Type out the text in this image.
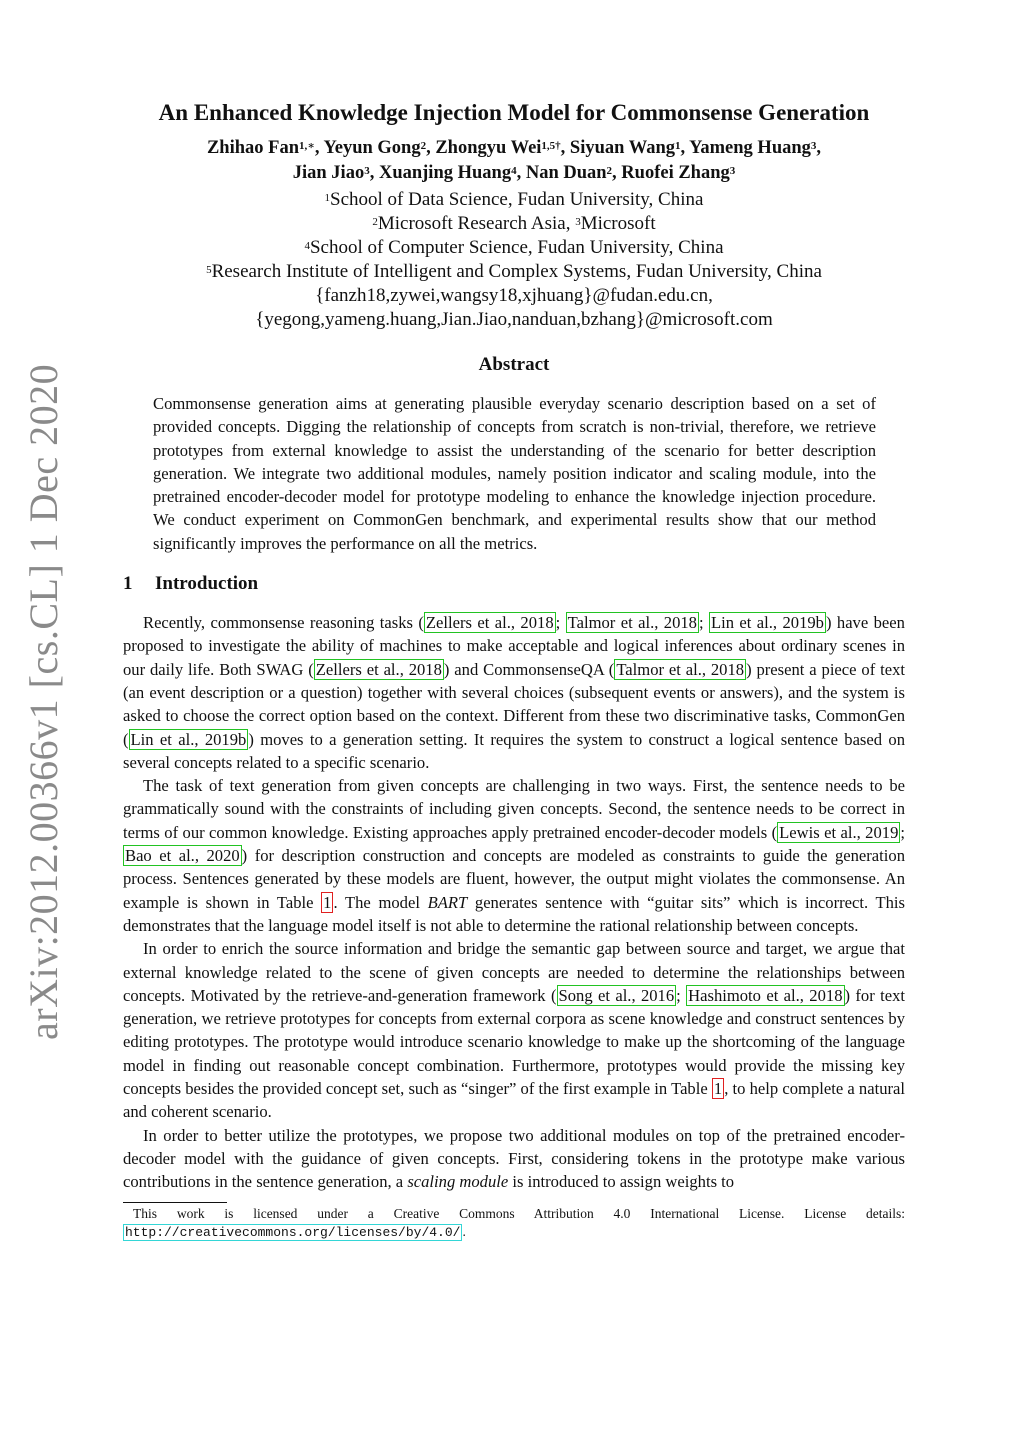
arXiv:2012.00366v1 [cs.CL] 1 Dec 2020
An Enhanced Knowledge Injection Model for Commonsense Generation
Zhihao Fan$^{1,∗}$, Yeyun Gong$^2$, Zhongyu Wei$^{1,5\dagger}$, Siyuan Wang$^1$, Yameng Huang$^3$,
Jian Jiao$^3$, Xuanjing Huang$^4$, Nan Duan$^2$, Ruofei Zhang$^3$
$^1$School of Data Science, Fudan University, China
$^2$Microsoft Research Asia, $^3$Microsoft
$^4$School of Computer Science, Fudan University, China
$^5$Research Institute of Intelligent and Complex Systems, Fudan University, China
{fanzh18,zywei,wangsy18,xjhuang}@fudan.edu.cn,
{yegong,yameng.huang,Jian.Jiao,nanduan,bzhang}@microsoft.com
Abstract
Commonsense generation aims at generating plausible everyday scenario description based on a set of provided concepts. Digging the relationship of concepts from scratch is non-trivial, therefore, we retrieve prototypes from external knowledge to assist the understanding of the scenario for better description generation. We integrate two additional modules, namely position indicator and scaling module, into the pretrained encoder-decoder model for prototype modeling to enhance the knowledge injection procedure. We conduct experiment on CommonGen benchmark, and experimental results show that our method significantly improves the performance on all the metrics.
1 Introduction

Recently, commonsense reasoning tasks ( Zellers et al., 2018 ; Talmor et al., 2018 ; Lin et al., 2019b ) have been proposed to investigate the ability of machines to make acceptable and logical inferences about ordinary scenes in our daily life. Both SWAG ( Zellers et al., 2018 ) and CommonsenseQA ( Talmor et al., 2018 ) present a piece of text (an event description or a question) together with several choices (subsequent events or answers), and the system is asked to choose the correct option based on the context. Different from these two discriminative tasks, CommonGen ( Lin et al., 2019b ) moves to a generation setting. It requires the system to construct a logical sentence based on several concepts related to a specific scenario.

The task of text generation from given concepts are challenging in two ways. First, the sentence needs to be grammatically sound with the constraints of including given concepts. Second, the sentence needs to be correct in terms of our common knowledge. Existing approaches apply pretrained encoder-decoder models ( Lewis et al., 2019 ; Bao et al., 2020 ) for description construction and concepts are modeled as constraints to guide the generation process. Sentences generated by these models are fluent, however, the output might violates the commonsense. An example is shown in Table 1 . The model BART generates sentence with “guitar sits” which is incorrect. This demonstrates that the language model itself is not able to determine the rational relationship between concepts.

In order to enrich the source information and bridge the semantic gap between source and target, we argue that external knowledge related to the scene of given concepts are needed to determine the relationships between concepts. Motivated by the retrieve-and-generation framework ( Song et al., 2016 ; Hashimoto et al., 2018 ) for text generation, we retrieve prototypes for concepts from external corpora as scene knowledge and construct sentences by editing prototypes. The prototype would introduce scenario knowledge to make up the shortcoming of the language model in finding out reasonable concept combination. Furthermore, prototypes would provide the missing key concepts besides the provided concept set, such as “singer” of the first example in Table 1 , to help complete a natural and coherent scenario.

In order to better utilize the prototypes, we propose two additional modules on top of the pretrained encoder-decoder model with the guidance of given concepts. First, considering tokens in the prototype make various contributions in the sentence generation, a scaling module is introduced to assign weights to

This work is licensed under a Creative Commons Attribution 4.0 International License. License details: http://creativecommons.org/licenses/by/4.0/ .
